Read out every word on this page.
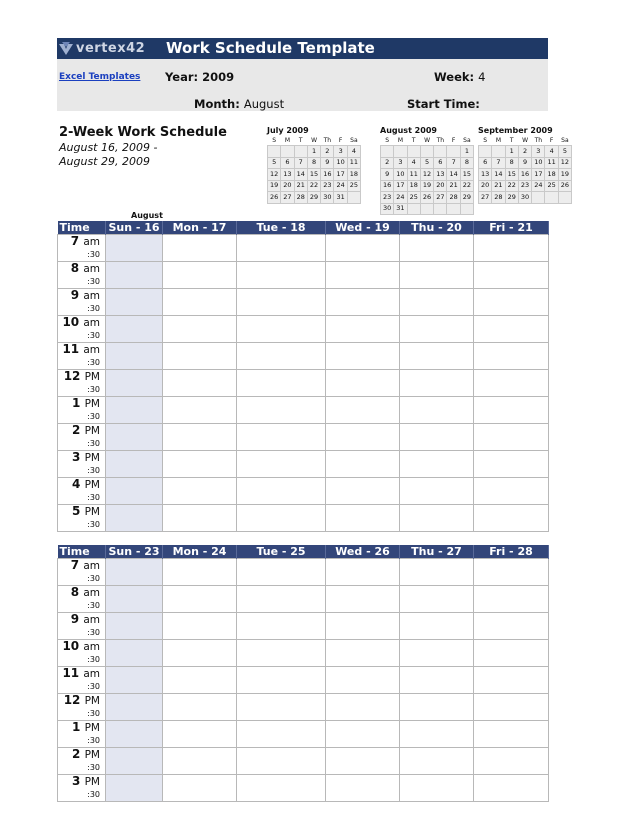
vertex42 Work Schedule Template
Excel Templates Year: 2009	Week: 4
Month: August	Start Time:
2-Week Work Schedule
August 16, 2009 -
August 29, 2009
July 2009
S	M	T	W	Th	F	Sa
			1	2	3	4
5	6	7	8	9	10	11
12	13	14	15	16	17	18
19	20	21	22	23	24	25
26	27	28	29	30	31	
August 2009
S	M	T	W	Th	F	Sa
						1
2	3	4	5	6	7	8
9	10	11	12	13	14	15
16	17	18	19	20	21	22
23	24	25	26	27	28	29
30	31					
September 2009
S	M	T	W	Th	F	Sa
		1	2	3	4	5
6	7	8	9	10	11	12
13	14	15	16	17	18	19
20	21	22	23	24	25	26
27	28	29	30			
August
Time	Sun - 16	Mon - 17	Tue - 18	Wed - 19	Thu - 20	Fri - 21

7 am
:30						

8 am
:30						

9 am
:30						

10 am
:30						

11 am
:30						

12 PM
:30						

1 PM
:30						

2 PM
:30						

3 PM
:30						

4 PM
:30						

5 PM
:30						

Time	Sun - 23	Mon - 24	Tue - 25	Wed - 26	Thu - 27	Fri - 28

7 am
:30						

8 am
:30						

9 am
:30						

10 am
:30						

11 am
:30						

12 PM
:30						

1 PM
:30						

2 PM
:30						

3 PM
:30						
